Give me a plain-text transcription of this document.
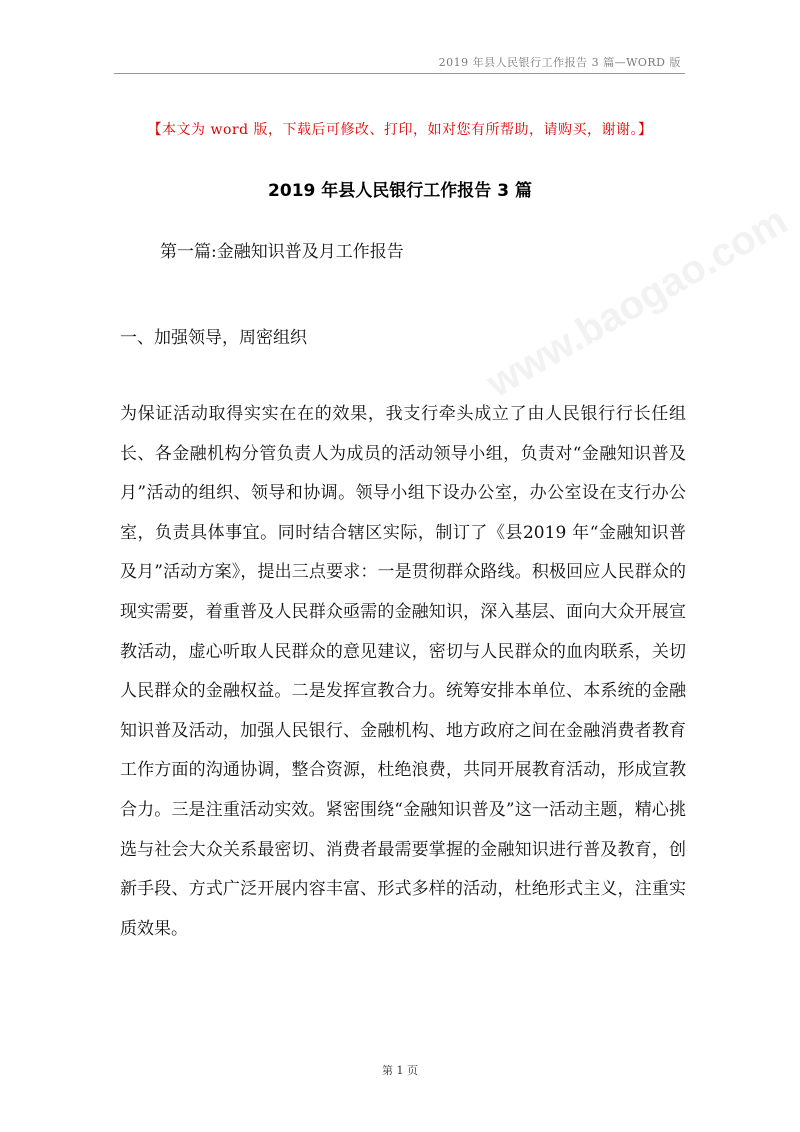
2019 年县人民银行工作报告 3 篇—WORD 版
www.baogao.com
【本文为 word 版，下载后可修改、打印，如对您有所帮助，请购买，谢谢。】
2019 年县人民银行工作报告 3 篇
第一篇:金融知识普及月工作报告
一、加强领导，周密组织

为保证活动取得实实在在的效果，我支行牵头成立了由人民银行行长任组长、各金融机构分管负责人为成员的活动领导小组，负责对“金融知识普及月”活动的组织、领导和协调。领导小组下设办公室，办公室设在支行办公室，负责具体事宜。同时结合辖区实际，制订了《县2019 年“金融知识普及月”活动方案》，提出三点要求：一是贯彻群众路线。积极回应人民群众的现实需要，着重普及人民群众亟需的金融知识，深入基层、面向大众开展宣教活动，虚心听取人民群众的意见建议，密切与人民群众的血肉联系，关切人民群众的金融权益。二是发挥宣教合力。统筹安排本单位、本系统的金融知识普及活动，加强人民银行、金融机构、地方政府之间在金融消费者教育工作方面的沟通协调，整合资源，杜绝浪费，共同开展教育活动，形成宣教合力。三是注重活动实效。紧密围绕“金融知识普及”这一活动主题，精心挑选与社会大众关系最密切、消费者最需要掌握的金融知识进行普及教育，创新手段、方式广泛开展内容丰富、形式多样的活动，杜绝形式主义，注重实质效果。

第 1 页
